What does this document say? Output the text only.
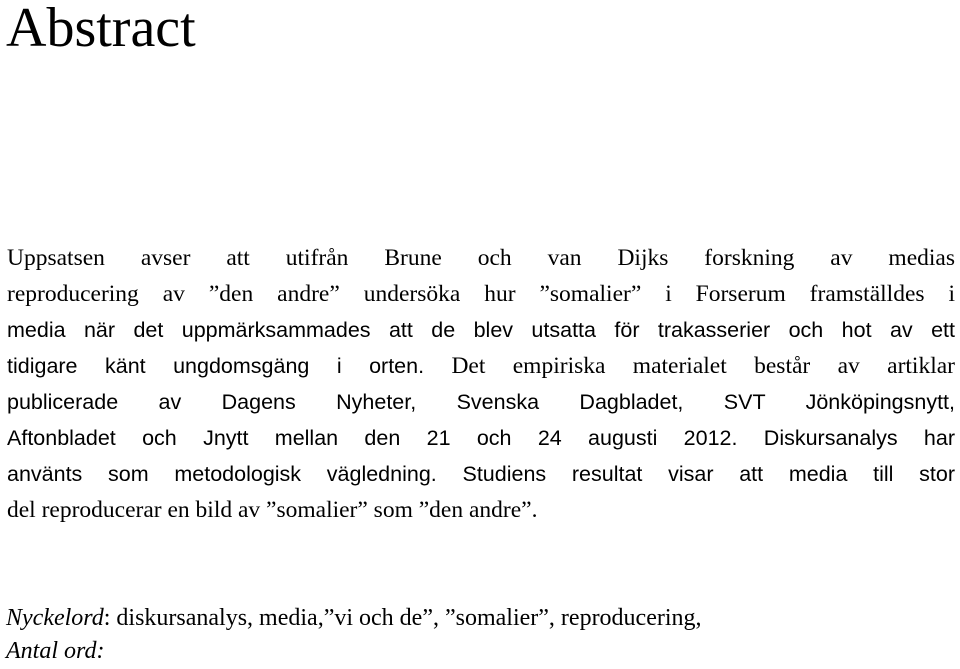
Abstract

Uppsatsen avser att utifrån Brune och van Dijks forskning av medias

reproducering av ”den andre” undersöka hur ”somalier” i Forserum framställdes i

media när det uppmärksammades att de blev utsatta för trakasserier och hot av ett

tidigare känt ungdomsgäng i orten. Det empiriska materialet består av artiklar

publicerade av Dagens Nyheter, Svenska Dagbladet, SVT Jönköpingsnytt,

Aftonbladet och Jnytt mellan den 21 och 24 augusti 2012. Diskursanalys har

använts som metodologisk vägledning. Studiens resultat visar att media till stor

del reproducerar en bild av ”somalier” som ”den andre”.

Nyckelord: diskursanalys, media,”vi och de”, ”somalier”, reproducering,

Antal ord:
